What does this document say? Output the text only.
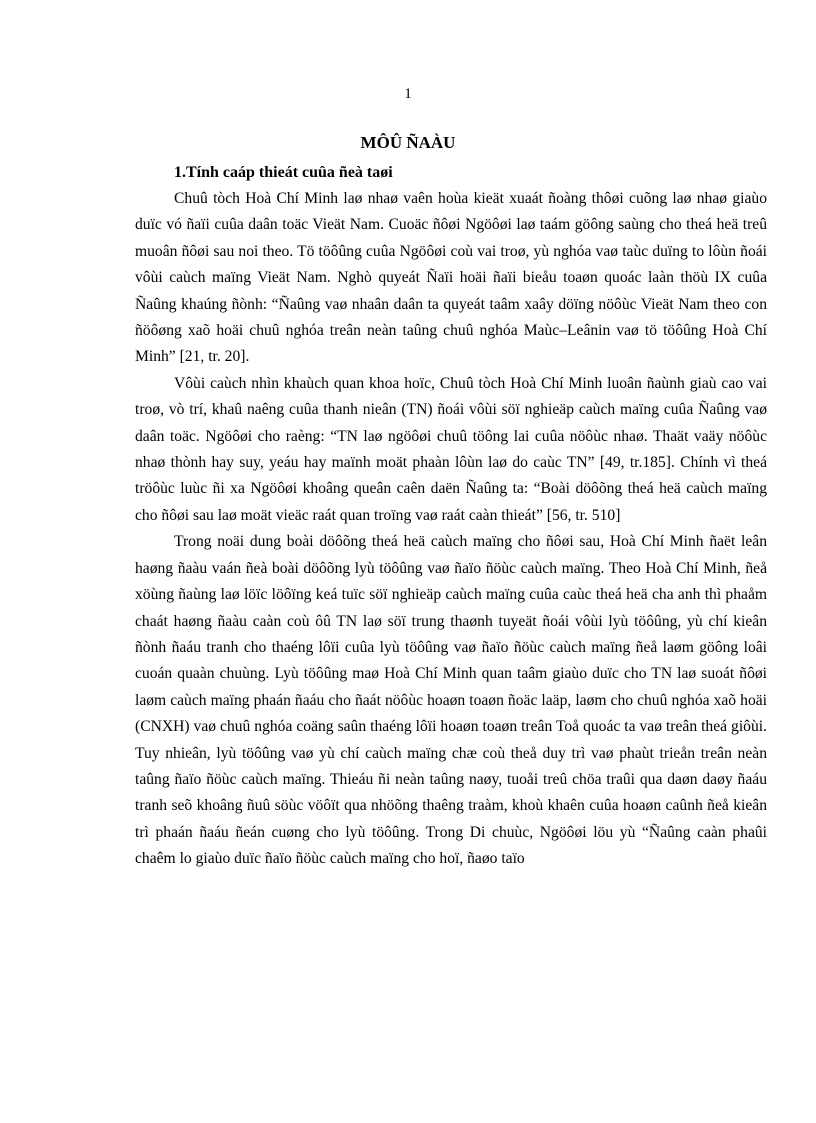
1
MÔÛ ÑAÀU

1.Tính caáp thieát cuûa ñeà taøi

Chuû tòch Hoà Chí Minh laø nhaø vaên hoùa kieät xuaát ñoàng thôøi cuõng laø nhaø giaùo duïc vó ñaïi cuûa daân toäc Vieät Nam. Cuoäc ñôøi Ngöôøi laø taám göông saùng cho theá heä treû muoân ñôøi sau noi theo. Tö töôûng cuûa Ngöôøi coù vai troø, yù nghóa vaø taùc duïng to lôùn ñoái vôùi caùch maïng Vieät Nam. Nghò quyeát Ñaïi hoäi ñaïi bieåu toaøn quoác laàn thöù IX cuûa Ñaûng khaúng ñònh: “Ñaûng vaø nhaân daân ta quyeát taâm xaây döïng nöôùc Vieät Nam theo con ñöôøng xaõ hoäi chuû nghóa treân neàn taûng chuû nghóa Maùc–Leânin vaø tö töôûng Hoà Chí Minh” [21, tr. 20].

Vôùi caùch nhìn khaùch quan khoa hoïc, Chuû tòch Hoà Chí Minh luoân ñaùnh giaù cao vai troø, vò trí, khaû naêng cuûa thanh nieân (TN) ñoái vôùi söï nghieäp caùch maïng cuûa Ñaûng vaø daân toäc. Ngöôøi cho raèng: “TN laø ngöôøi chuû töông lai cuûa nöôùc nhaø. Thaät vaäy nöôùc nhaø thònh hay suy, yeáu hay maïnh moät phaàn lôùn laø do caùc TN” [49, tr.185]. Chính vì theá tröôùc luùc ñi xa Ngöôøi khoâng queân caên daën Ñaûng ta: “Boài döôõng theá heä caùch maïng cho ñôøi sau laø moät vieäc raát quan troïng vaø raát caàn thieát” [56, tr. 510]

Trong noäi dung boài döôõng theá heä caùch maïng cho ñôøi sau, Hoà Chí Minh ñaët leân haøng ñaàu vaán ñeà boài döôõng lyù töôûng vaø ñaïo ñöùc caùch maïng. Theo Hoà Chí Minh, ñeå xöùng ñaùng laø löïc löôïng keá tuïc söï nghieäp caùch maïng cuûa caùc theá heä cha anh thì phaåm chaát haøng ñaàu caàn coù ôû TN laø söï trung thaønh tuyeät ñoái vôùi lyù töôûng, yù chí kieân ñònh ñaáu tranh cho thaéng lôïi cuûa lyù töôûng vaø ñaïo ñöùc caùch maïng ñeå laøm göông loâi cuoán quaàn chuùng. Lyù töôûng maø Hoà Chí Minh quan taâm giaùo duïc cho TN laø suoát ñôøi laøm caùch maïng phaán ñaáu cho ñaát nöôùc hoaøn toaøn ñoäc laäp, laøm cho chuû nghóa xaõ hoäi (CNXH) vaø chuû nghóa coäng saûn thaéng lôïi hoaøn toaøn treân Toå quoác ta vaø treân theá giôùi. Tuy nhieân, lyù töôûng vaø yù chí caùch maïng chæ coù theå duy trì vaø phaùt trieån treân neàn taûng ñaïo ñöùc caùch maïng. Thieáu ñi neàn taûng naøy, tuoåi treû chöa traûi qua daøn daøy ñaáu tranh seõ khoâng ñuû söùc vöôït qua nhöõng thaêng traàm, khoù khaên cuûa hoaøn caûnh ñeå kieân trì phaán ñaáu ñeán cuøng cho lyù töôûng. Trong Di chuùc, Ngöôøi löu yù “Ñaûng caàn phaûi chaêm lo giaùo duïc ñaïo ñöùc caùch maïng cho hoï, ñaøo taïo
